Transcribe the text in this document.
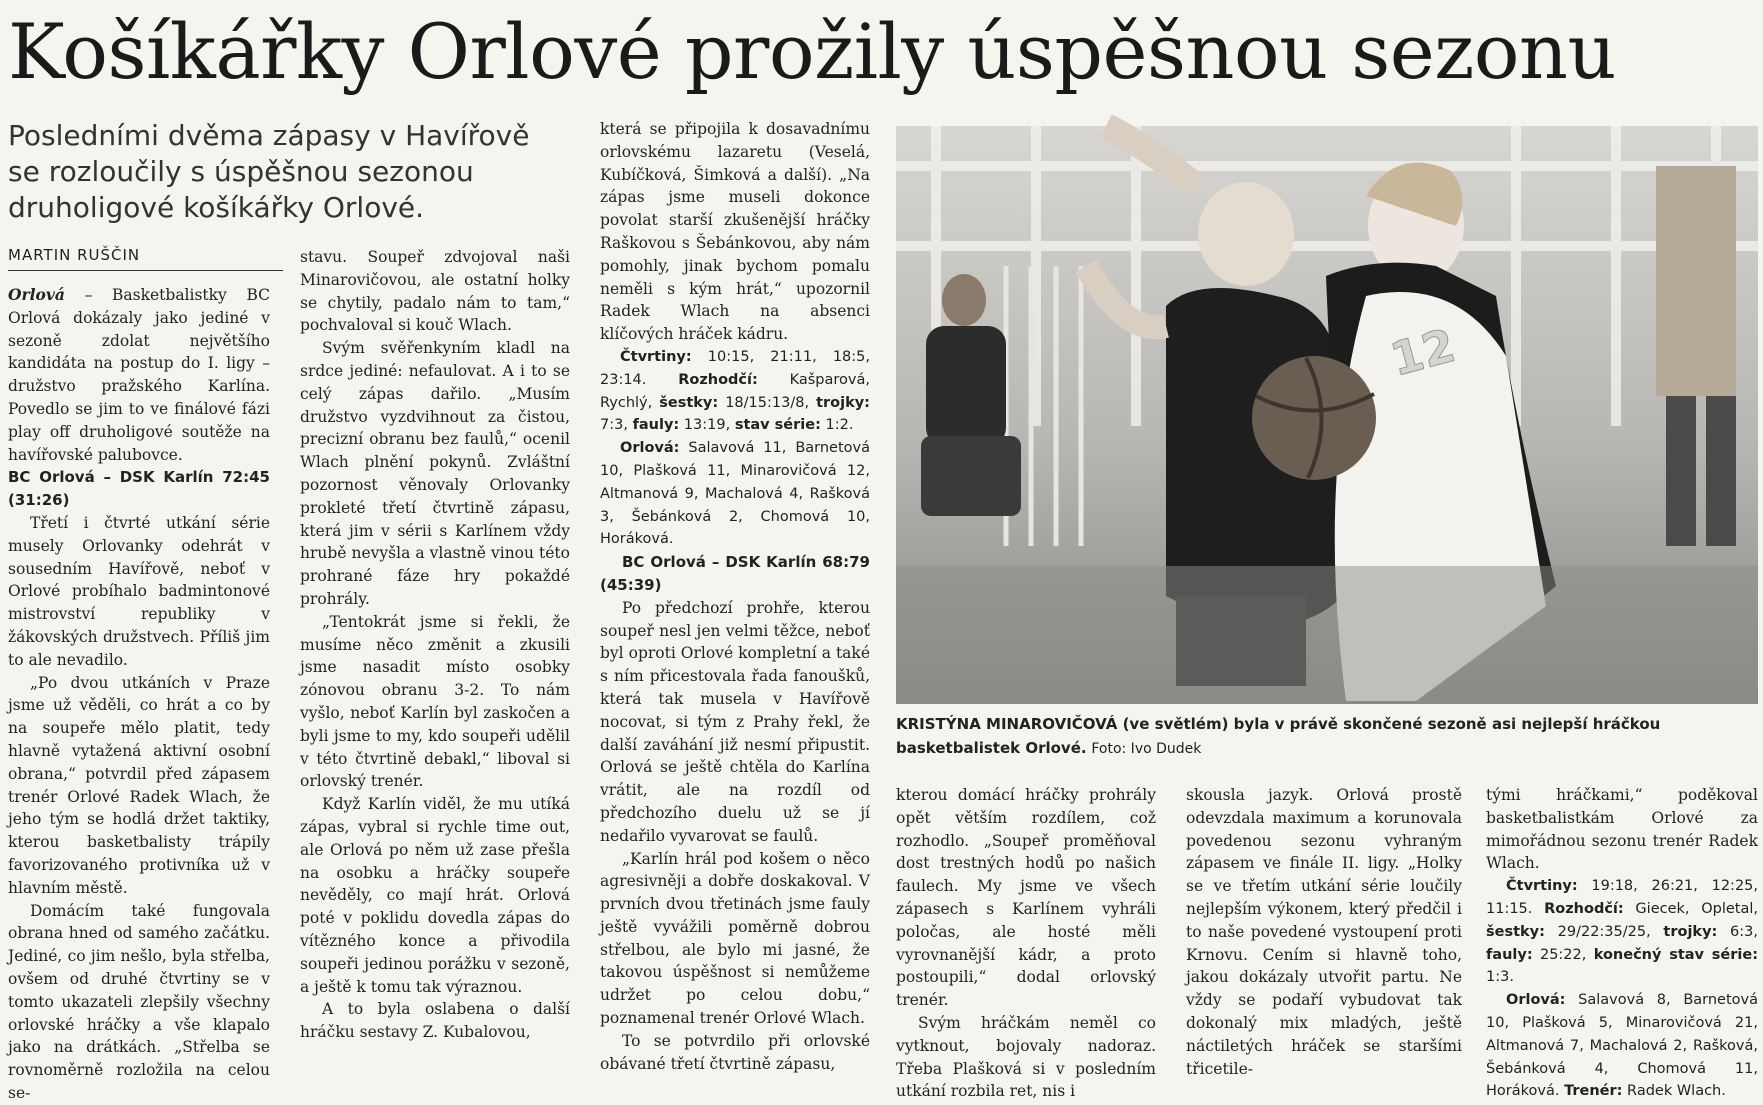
Košíkářky Orlové prožily úspěšnou sezonu
Posledními dvěma zápasy v Havířově
se rozloučily s úspěšnou sezonou
druholigové košíkářky Orlové.
MARTIN RUŠČIN

Orlová – Basketbalistky BC Orlová dokázaly jako jediné v sezoně zdolat největšího kandidáta na postup do I. ligy – družstvo pražského Karlína. Povedlo se jim to ve finálové fázi play off druholigové soutěže na havířovské palubovce.

BC Orlová – DSK Karlín 72:45 (31:26)

Třetí i čtvrté utkání série musely Orlovanky odehrát v sousedním Havířově, neboť v Orlové probíhalo badmintonové mistrovství republiky v žákovských družstvech. Příliš jim to ale nevadilo.

„Po dvou utkáních v Praze jsme už věděli, co hrát a co by na soupeře mělo platit, tedy hlavně vytažená aktivní osobní obrana,“ potvrdil před zápasem trenér Orlové Radek Wlach, že jeho tým se hodlá držet taktiky, kterou basketbalisty trápily favorizovaného protivníka už v hlavním městě.

Domácím také fungovala obrana hned od samého začátku. Jediné, co jim nešlo, byla střelba, ovšem od druhé čtvrtiny se v tomto ukazateli zlepšily všechny orlovské hráčky a vše klapalo jako na drátkách. „Střelba se rovnoměrně rozložila na celou se-

stavu. Soupeř zdvojoval naši Minarovičovou, ale ostatní holky se chytily, padalo nám to tam,“ pochvaloval si kouč Wlach.

Svým svěřenkyním kladl na srdce jediné: nefaulovat. A i to se celý zápas dařilo. „Musím družstvo vyzdvihnout za čistou, precizní obranu bez faulů,“ ocenil Wlach plnění pokynů. Zvláštní pozornost věnovaly Orlovanky prokleté třetí čtvrtině zápasu, která jim v sérii s Karlínem vždy hrubě nevyšla a vlastně vinou této prohrané fáze hry pokaždé prohrály.

„Tentokrát jsme si řekli, že musíme něco změnit a zkusili jsme nasadit místo osobky zónovou obranu 3-2. To nám vyšlo, neboť Karlín byl zaskočen a byli jsme to my, kdo soupeři udělil v této čtvrtině debakl,“ liboval si orlovský trenér.

Když Karlín viděl, že mu utíká zápas, vybral si rychle time out, ale Orlová po něm už zase přešla na osobku a hráčky soupeře nevěděly, co mají hrát. Orlová poté v poklidu dovedla zápas do vítězného konce a přivodila soupeři jedinou porážku v sezoně, a ještě k tomu tak výraznou.

A to byla oslabena o další hráčku sestavy Z. Kubalovou,

která se připojila k dosavadnímu orlovskému lazaretu (Veselá, Kubíčková, Šimková a další). „Na zápas jsme museli dokonce povolat starší zkušenější hráčky Raškovou s Šebánkovou, aby nám pomohly, jinak bychom pomalu neměli s kým hrát,“ upozornil Radek Wlach na absenci klíčových hráček kádru.

Čtvrtiny: 10:15, 21:11, 18:5, 23:14. Rozhodčí: Kašparová, Rychlý, šestky: 18/15:13/8, trojky: 7:3, fauly: 13:19, stav série: 1:2.

Orlová: Salavová 11, Barnetová 10, Plašková 11, Minarovičová 12, Altmanová 9, Machalová 4, Rašková 3, Šebánková 2, Chomová 10, Horáková.

BC Orlová – DSK Karlín 68:79 (45:39)

Po předchozí prohře, kterou soupeř nesl jen velmi těžce, neboť byl oproti Orlové kompletní a také s ním přicestovala řada fanoušků, která tak musela v Havířově nocovat, si tým z Prahy řekl, že další zaváhání již nesmí připustit. Orlová se ještě chtěla do Karlína vrátit, ale na rozdíl od předchozího duelu už se jí nedařilo vyvarovat se faulů.

„Karlín hrál pod košem o něco agresivněji a dobře doskakoval. V prvních dvou třetinách jsme fauly ještě vyvážili poměrně dobrou střelbou, ale bylo mi jasné, že takovou úspěšnost si nemůžeme udržet po celou dobu,“ poznamenal trenér Orlové Wlach.

To se potvrdilo při orlovské obávané třetí čtvrtině zápasu,

12
KRISTÝNA MINAROVIČOVÁ (ve světlém) byla v právě skončené sezoně asi nejlepší hráčkou basketbalistek Orlové. Foto: Ivo Dudek

kterou domácí hráčky prohrály opět větším rozdílem, což rozhodlo. „Soupeř proměňoval dost trestných hodů po našich faulech. My jsme ve všech zápasech s Karlínem vyhráli poločas, ale hosté měli vyrovnanější kádr, a proto postoupili,“ dodal orlovský trenér.

Svým hráčkám neměl co vytknout, bojovaly nadoraz. Třeba Plašková si v posledním utkání rozbila ret, nis i

skousla jazyk. Orlová prostě odevzdala maximum a korunovala povedenou sezonu vyhraným zápasem ve finále II. ligy. „Holky se ve třetím utkání série loučily nejlepším výkonem, který předčil i to naše povedené vystoupení proti Krnovu. Cením si hlavně toho, jakou dokázaly utvořit partu. Ne vždy se podaří vybudovat tak dokonalý mix mladých, ještě náctiletých hráček se staršími třicetile-

tými hráčkami,“ poděkoval basketbalistkám Orlové za mimořádnou sezonu trenér Radek Wlach.

Čtvrtiny: 19:18, 26:21, 12:25, 11:15. Rozhodčí: Giecek, Opletal, šestky: 29/22:35/25, trojky: 6:3, fauly: 25:22, konečný stav série: 1:3.

Orlová: Salavová 8, Barnetová 10, Plašková 5, Minarovičová 21, Altmanová 7, Machalová 2, Rašková, Šebánková 4, Chomová 11, Horáková. Trenér: Radek Wlach.
